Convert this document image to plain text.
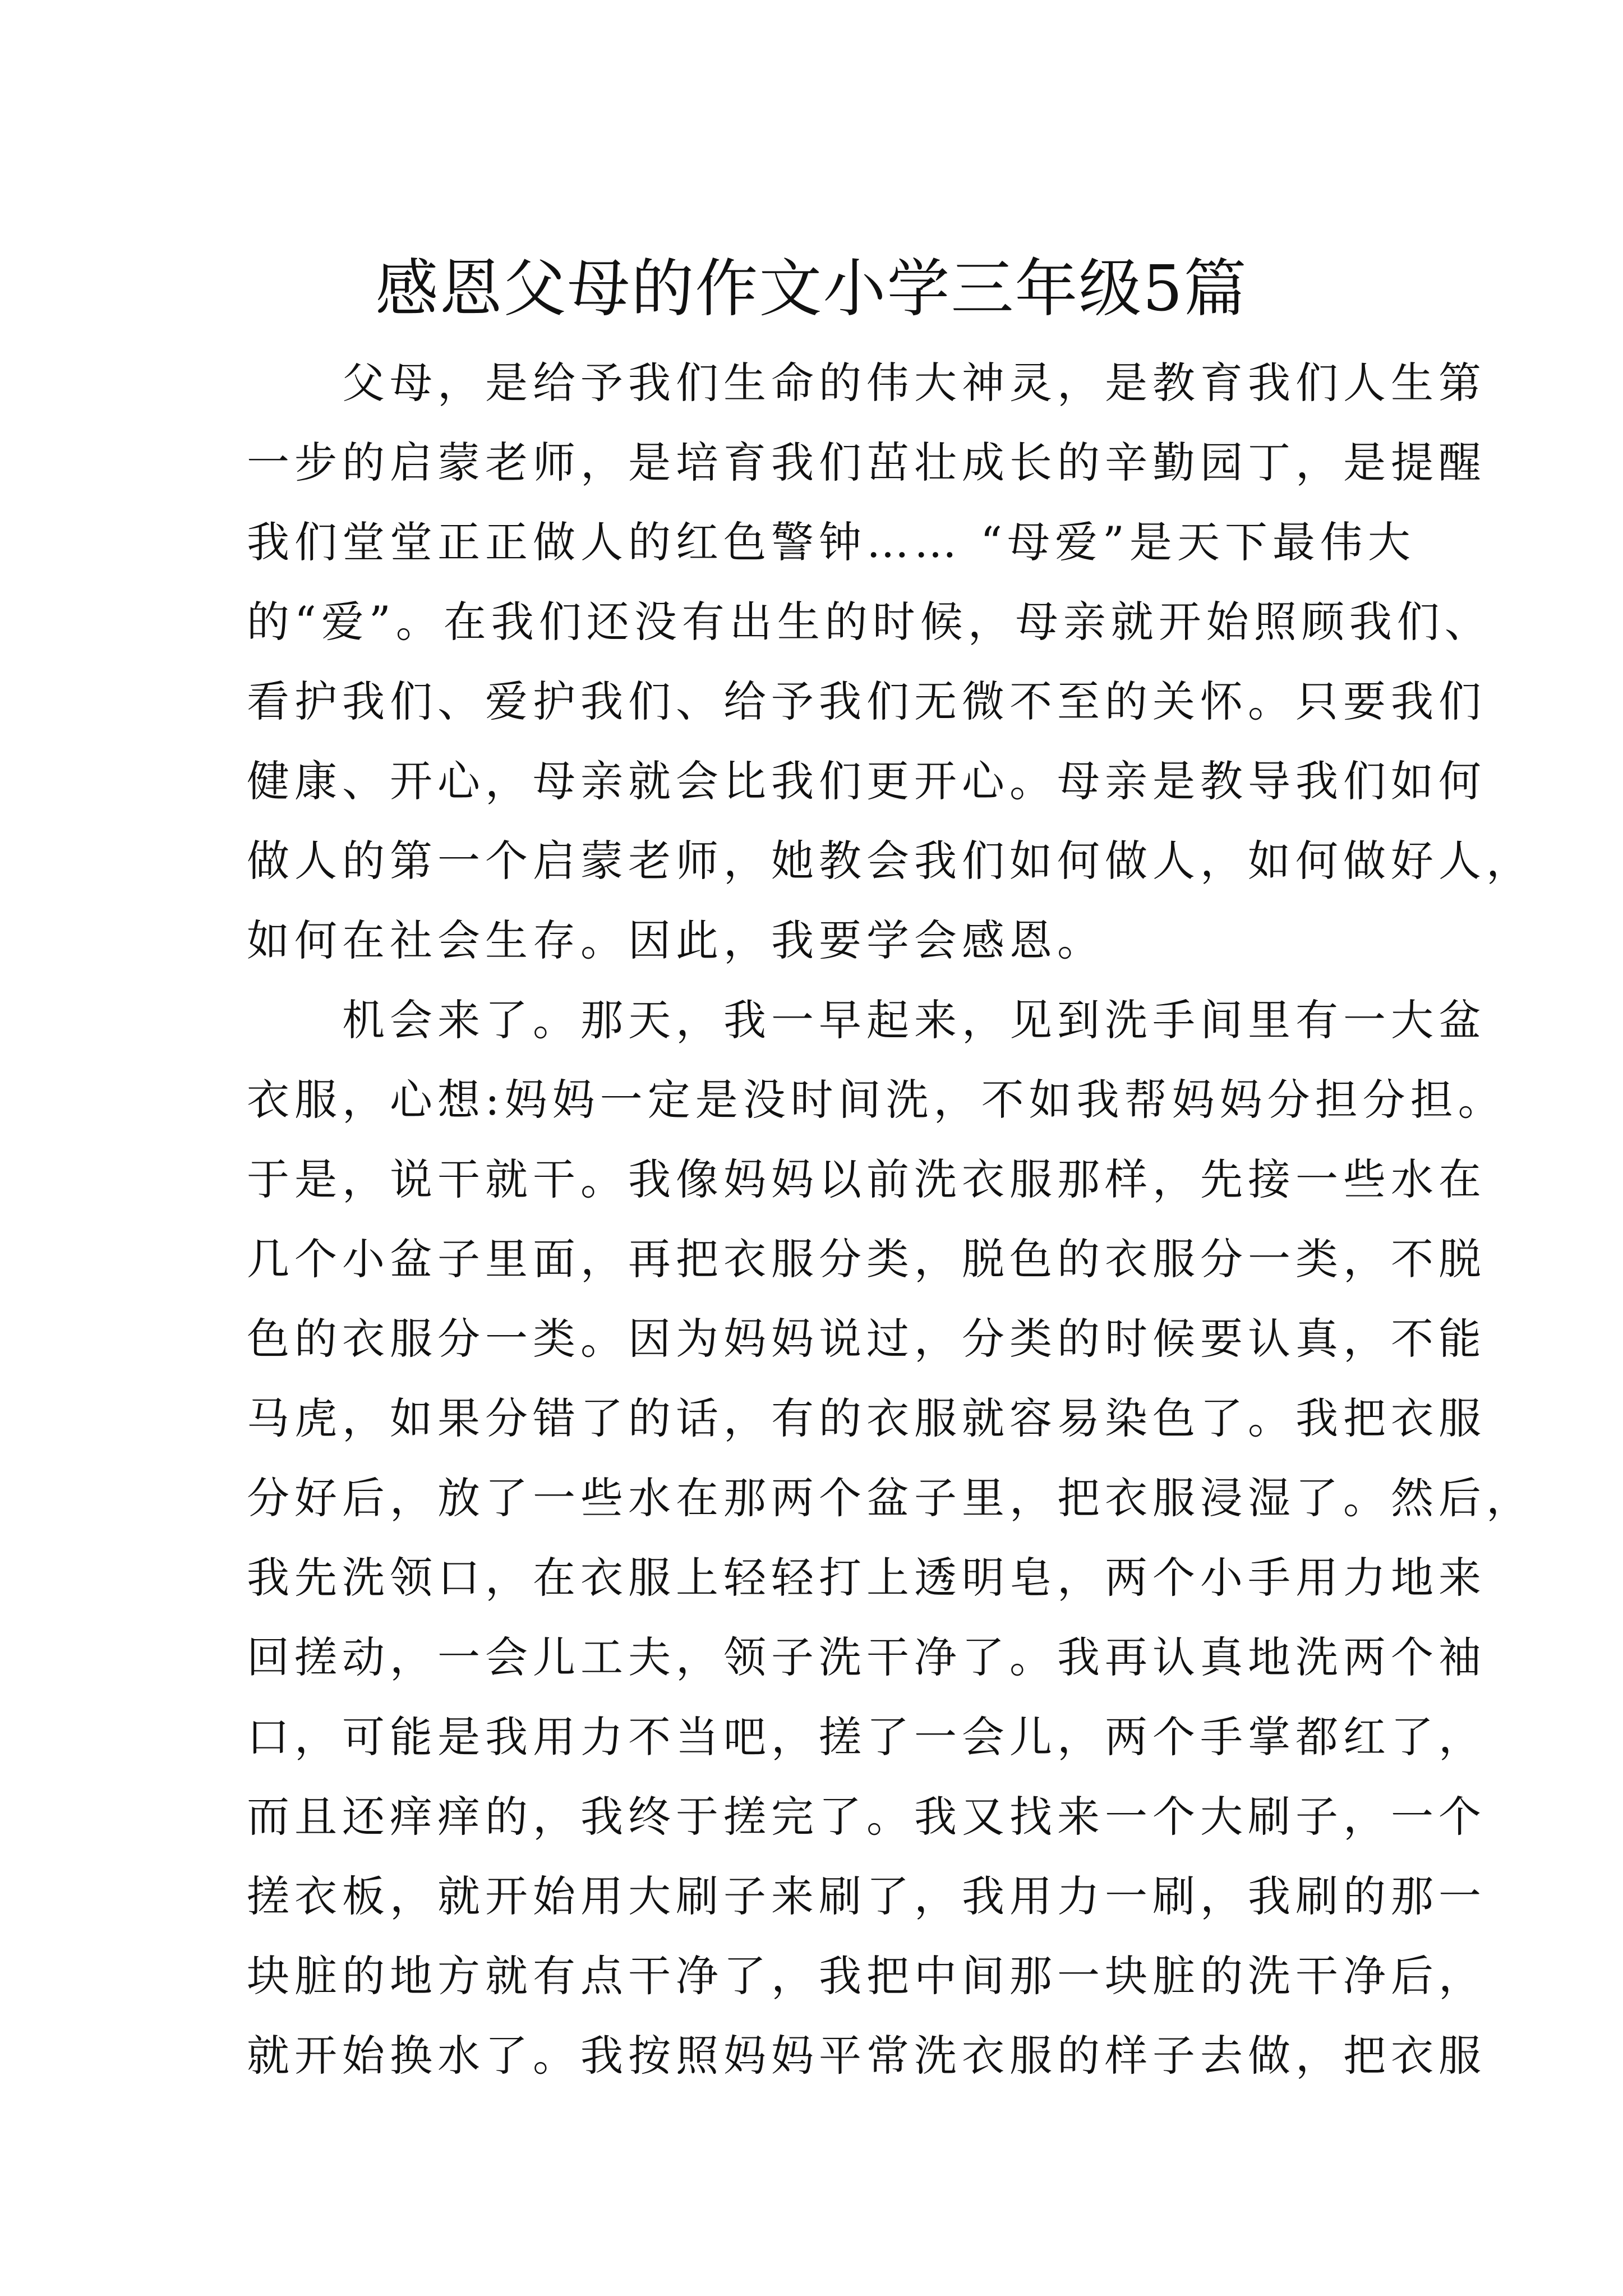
感恩父母的作文小学三年级5篇
　　父母，是给予我们生命的伟大神灵，是教育我们人生第
一步的启蒙老师，是培育我们茁壮成长的辛勤园丁，是提醒
我们堂堂正正做人的红色警钟…… “母爱”是天下最伟大
的“爱”。在我们还没有出生的时候，母亲就开始照顾我们、
看护我们、爱护我们、给予我们无微不至的关怀。只要我们
健康、开心，母亲就会比我们更开心。母亲是教导我们如何
做人的第一个启蒙老师，她教会我们如何做人，如何做好人，
如何在社会生存。因此，我要学会感恩。
　　机会来了。那天，我一早起来，见到洗手间里有一大盆
衣服，心想:妈妈一定是没时间洗，不如我帮妈妈分担分担。
于是，说干就干。我像妈妈以前洗衣服那样，先接一些水在
几个小盆子里面，再把衣服分类，脱色的衣服分一类，不脱
色的衣服分一类。因为妈妈说过，分类的时候要认真，不能
马虎，如果分错了的话，有的衣服就容易染色了。我把衣服
分好后，放了一些水在那两个盆子里，把衣服浸湿了。然后，
我先洗领口，在衣服上轻轻打上透明皂，两个小手用力地来
回搓动，一会儿工夫，领子洗干净了。我再认真地洗两个袖
口，可能是我用力不当吧，搓了一会儿，两个手掌都红了，
而且还痒痒的，我终于搓完了。我又找来一个大刷子，一个
搓衣板，就开始用大刷子来刷了，我用力一刷，我刷的那一
块脏的地方就有点干净了，我把中间那一块脏的洗干净后，
就开始换水了。我按照妈妈平常洗衣服的样子去做，把衣服
